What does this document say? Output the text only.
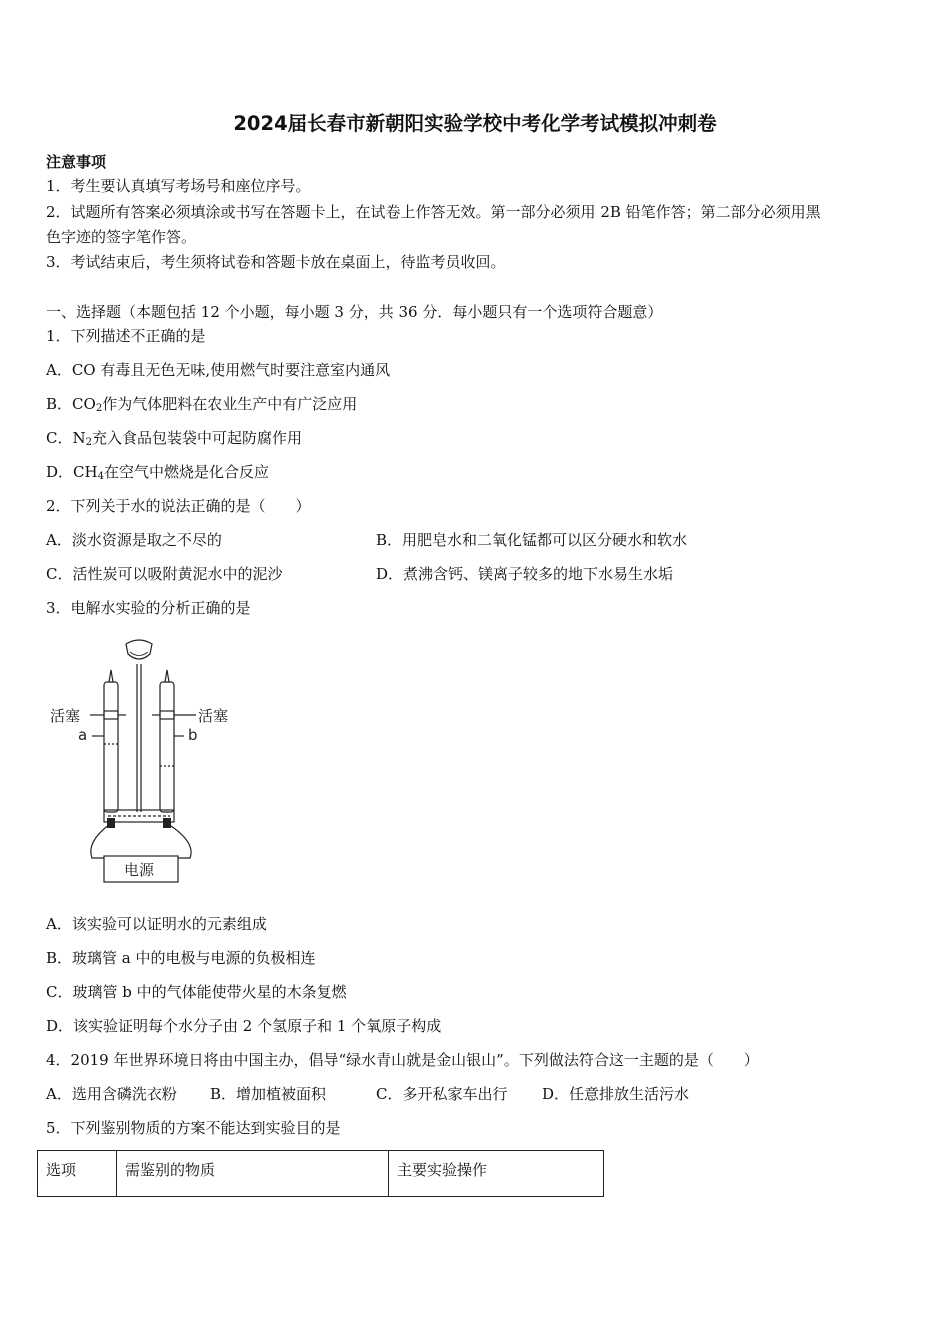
2024届长春市新朝阳实验学校中考化学考试模拟冲刺卷
注意事项
1．考生要认真填写考场号和座位序号。
2．试题所有答案必须填涂或书写在答题卡上，在试卷上作答无效。第一部分必须用 2B 铅笔作答；第二部分必须用黑
色字迹的签字笔作答。
3．考试结束后，考生须将试卷和答题卡放在桌面上，待监考员收回。
一、选择题（本题包括 12 个小题，每小题 3 分，共 36 分．每小题只有一个选项符合题意）
1．下列描述不正确的是
A．CO 有毒且无色无味,使用燃气时要注意室内通风
B．$CO_2$作为气体肥料在农业生产中有广泛应用
C．$N_2$充入食品包装袋中可起防腐作用
D．$CH_4$在空气中燃烧是化合反应
2．下列关于水的说法正确的是（　　）
A．淡水资源是取之不尽的	B．用肥皂水和二氧化锰都可以区分硬水和软水
C．活性炭可以吸附黄泥水中的泥沙	D．煮沸含钙、镁离子较多的地下水易生水垢
3．电解水实验的分析正确的是
活塞	活塞
a	b
电源
A．该实验可以证明水的元素组成
B．玻璃管 a 中的电极与电源的负极相连
C．玻璃管 b 中的气体能使带火星的木条复燃
D．该实验证明每个水分子由 2 个氢原子和 1 个氧原子构成
4．2019 年世界环境日将由中国主办，倡导“绿水青山就是金山银山”。下列做法符合这一主题的是（　　）
A．选用含磷洗衣粉 B．增加植被面积	C．多开私家车出行 D．任意排放生活污水
5．下列鉴别物质的方案不能达到实验目的是
选项	需鉴别的物质	主要实验操作
